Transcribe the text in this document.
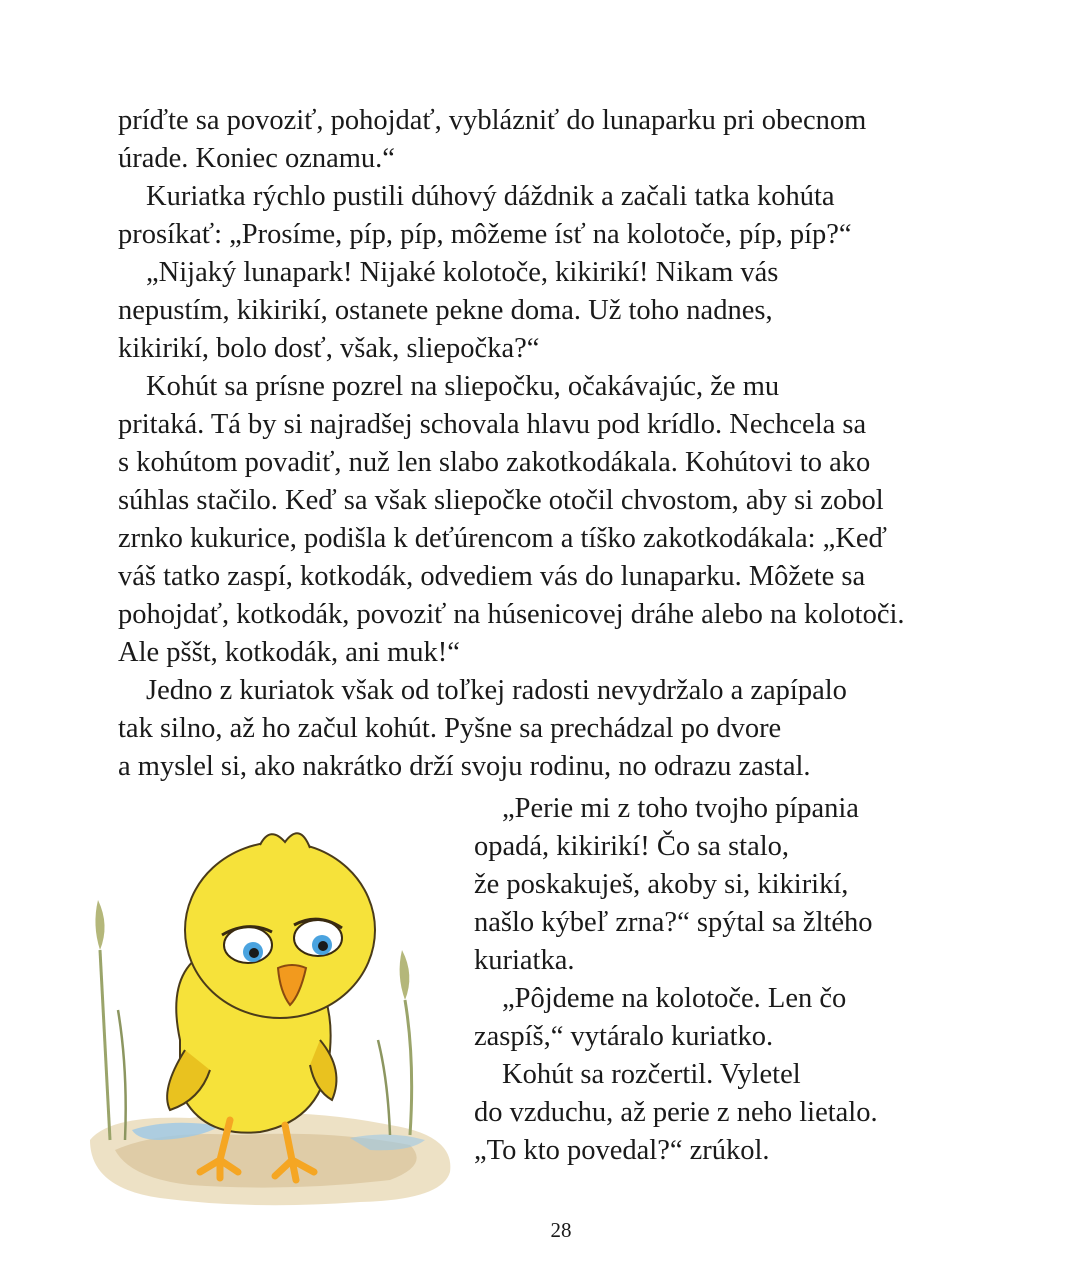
príďte sa povoziť, pohojdať, vyblázniť do lunaparku pri obecnom

úrade. Koniec oznamu.“

Kuriatka rýchlo pustili dúhový dáždnik a začali tatka kohúta

prosíkať: „Prosíme, píp, píp, môžeme ísť na kolotoče, píp, píp?“

„Nijaký lunapark! Nijaké kolotoče, kikirikí! Nikam vás

nepustím, kikirikí, ostanete pekne doma. Už toho nadnes,

kikirikí, bolo dosť, však, sliepočka?“

Kohút sa prísne pozrel na sliepočku, očakávajúc, že mu

pritaká. Tá by si najradšej schovala hlavu pod krídlo. Nechcela sa

s kohútom povadiť, nuž len slabo zakotkodákala. Kohútovi to ako

súhlas stačilo. Keď sa však sliepočke otočil chvostom, aby si zobol

zrnko kukurice, podišla k deťúrencom a tíško zakotkodákala: „Keď

váš tatko zaspí, kotkodák, odvediem vás do lunaparku. Môžete sa

pohojdať, kotkodák, povoziť na húsenicovej dráhe alebo na kolotoči.

Ale pššt, kotkodák, ani muk!“

Jedno z kuriatok však od toľkej radosti nevydržalo a zapípalo

tak silno, až ho začul kohút. Pyšne sa prechádzal po dvore

a myslel si, ako nakrátko drží svoju rodinu, no odrazu zastal.

„Perie mi z toho tvojho pípania

opadá, kikirikí! Čo sa stalo,

že poskakuješ, akoby si, kikirikí,

našlo kýbeľ zrna?“ spýtal sa žltého

kuriatka.

„Pôjdeme na kolotoče. Len čo

zaspíš,“ vytáralo kuriatko.

Kohút sa rozčertil. Vyletel

do vzduchu, až perie z neho lietalo.

„To kto povedal?“ zrúkol.

28
